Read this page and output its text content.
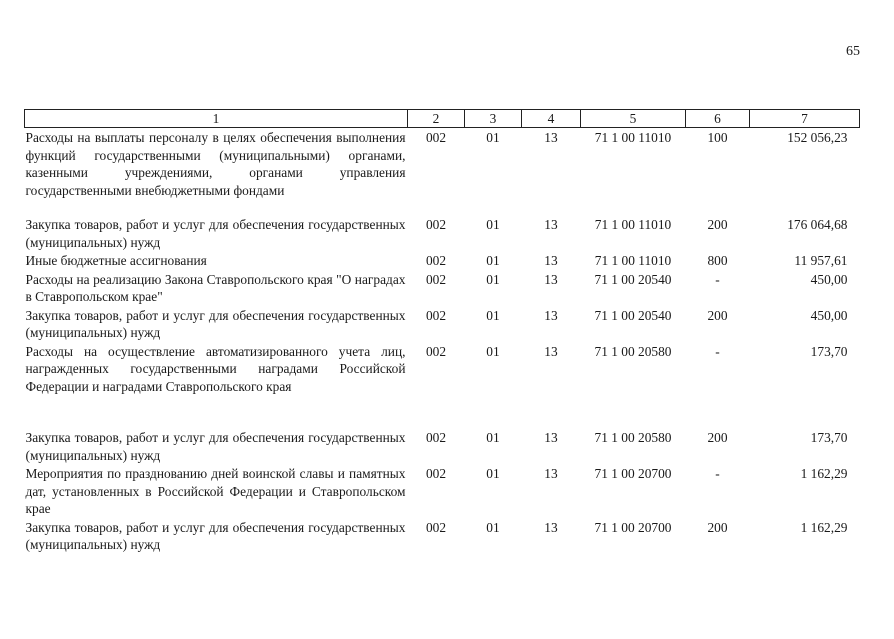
65
1	2	3	4	5	6	7
Расходы на выплаты персоналу в целях обеспечения выполнения функций государственными (муниципальными) органами, казенными учреждениями, органами управления государственными внебюджетными фондами	002	01	13	71 1 00 11010	100	152 056,23
Закупка товаров, работ и услуг для обеспечения государственных (муниципальных) нужд	002	01	13	71 1 00 11010	200	176 064,68
Иные бюджетные ассигнования	002	01	13	71 1 00 11010	800	11 957,61
Расходы на реализацию Закона Ставропольского края "О наградах в Ставропольском крае"	002	01	13	71 1 00 20540	-	450,00
Закупка товаров, работ и услуг для обеспечения государственных (муниципальных) нужд	002	01	13	71 1 00 20540	200	450,00
Расходы на осуществление автоматизированного учета лиц, награжденных государственными наградами Российской Федерации и наградами Ставропольского края	002	01	13	71 1 00 20580	-	173,70
Закупка товаров, работ и услуг для обеспечения государственных (муниципальных) нужд	002	01	13	71 1 00 20580	200	173,70
Мероприятия по празднованию дней воинской славы и памятных дат, установленных в Российской Федерации и Ставропольском крае	002	01	13	71 1 00 20700	-	1 162,29
Закупка товаров, работ и услуг для обеспечения государственных (муниципальных) нужд	002	01	13	71 1 00 20700	200	1 162,29
